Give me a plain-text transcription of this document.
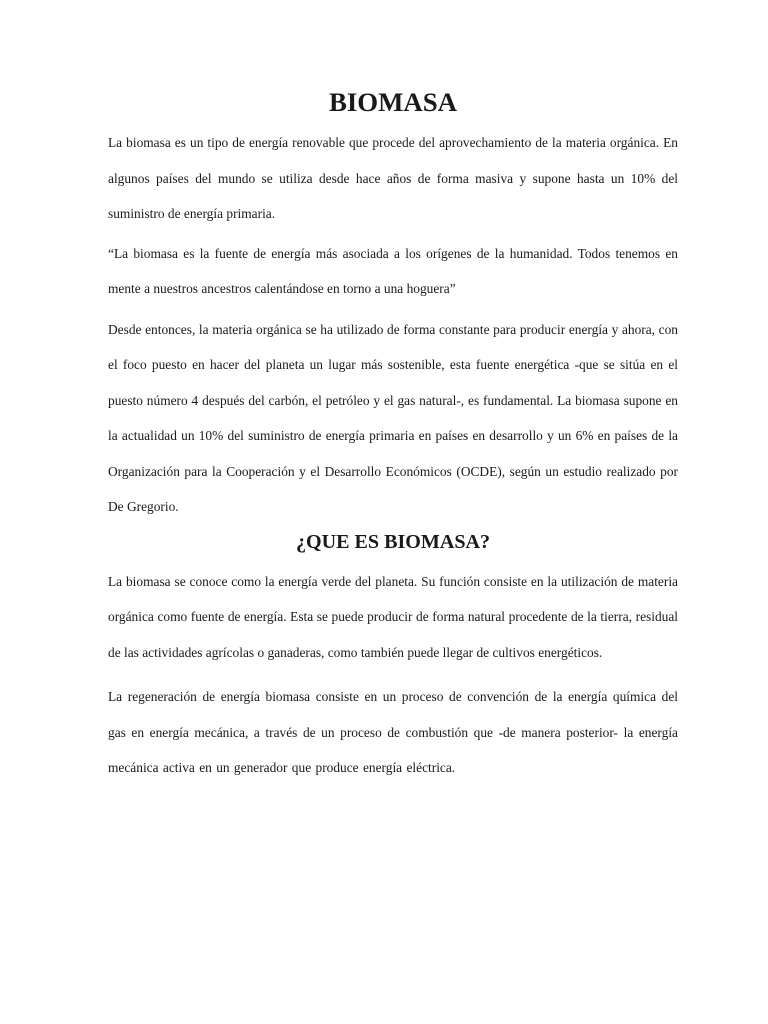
BIOMASA

La biomasa es un tipo de energía renovable que procede del aprovechamiento de la materia orgánica. En algunos países del mundo se utiliza desde hace años de forma masiva y supone hasta un 10% del suministro de energía primaria.

“La biomasa es la fuente de energía más asociada a los orígenes de la humanidad. Todos tenemos en mente a nuestros ancestros calentándose en torno a una hoguera”

Desde entonces, la materia orgánica se ha utilizado de forma constante para producir energía y ahora, con el foco puesto en hacer del planeta un lugar más sostenible, esta fuente energética -que se sitúa en el puesto número 4 después del carbón, el petróleo y el gas natural-, es fundamental. La biomasa supone en la actualidad un 10% del suministro de energía primaria en países en desarrollo y un 6% en países de la Organización para la Cooperación y el Desarrollo Económicos (OCDE), según un estudio realizado por De Gregorio.

¿QUE ES BIOMASA?

La biomasa se conoce como la energía verde del planeta. Su función consiste en la utilización de materia orgánica como fuente de energía. Esta se puede producir de forma natural procedente de la tierra, residual de las actividades agrícolas o ganaderas, como también puede llegar de cultivos energéticos.

La regeneración de energía biomasa consiste en un proceso de convención de la energía química del gas en energía mecánica, a través de un proceso de combustión que -de manera posterior- la energía mecánica activa en un generador que produce energía eléctrica.
